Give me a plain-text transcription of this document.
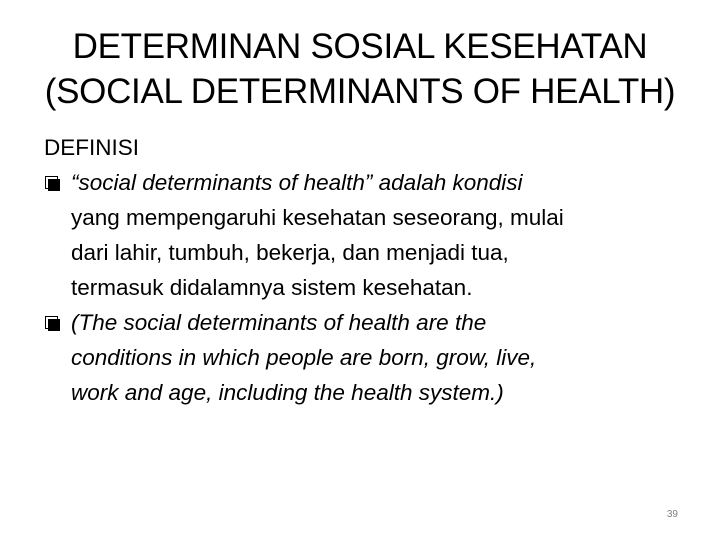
DETERMINAN SOSIAL KESEHATAN
(SOCIAL DETERMINANTS OF HEALTH)
DEFINISI
“social determinants of health” adalah kondisi
yang mempengaruhi kesehatan seseorang, mulai
dari lahir, tumbuh, bekerja, dan menjadi tua,
termasuk didalamnya sistem kesehatan.
(The social determinants of health are the
conditions in which people are born, grow, live,
work and age, including the health system.)
39
